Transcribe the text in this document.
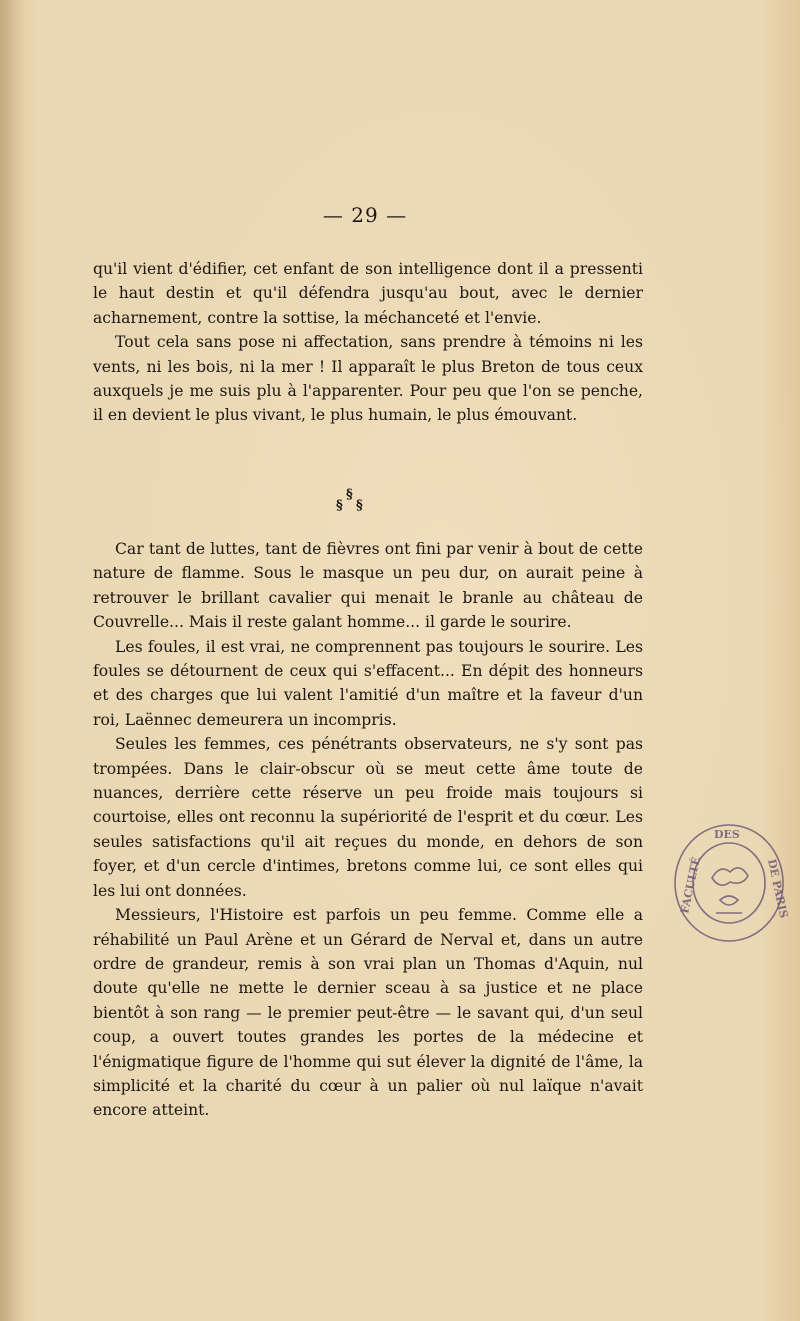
— 29 —

qu'il vient d'édifier, cet enfant de son intelligence dont il a pressenti le haut destin et qu'il défendra jusqu'au bout, avec le dernier acharnement, contre la sottise, la méchanceté et l'envie.

Tout cela sans pose ni affectation, sans prendre à témoins ni les vents, ni les bois, ni la mer ! Il apparaît le plus Breton de tous ceux auxquels je me suis plu à l'apparenter. Pour peu que l'on se penche, il en devient le plus vivant, le plus humain, le plus émouvant.

§
§ §

Car tant de luttes, tant de fièvres ont fini par venir à bout de cette nature de flamme. Sous le masque un peu dur, on aurait peine à retrouver le brillant cavalier qui menait le branle au château de Couvrelle... Mais il reste galant homme... il garde le sourire.

Les foules, il est vrai, ne comprennent pas toujours le sourire. Les foules se détournent de ceux qui s'effacent... En dépit des honneurs et des charges que lui valent l'amitié d'un maître et la faveur d'un roi, Laënnec demeurera un incompris.

Seules les femmes, ces pénétrants observateurs, ne s'y sont pas trompées. Dans le clair-obscur où se meut cette âme toute de nuances, derrière cette réserve un peu froide mais toujours si courtoise, elles ont reconnu la supériorité de l'esprit et du cœur. Les seules satisfactions qu'il ait reçues du monde, en dehors de son foyer, et d'un cercle d'intimes, bretons comme lui, ce sont elles qui les lui ont données.

Messieurs, l'Histoire est parfois un peu femme. Comme elle a réhabilité un Paul Arène et un Gérard de Nerval et, dans un autre ordre de grandeur, remis à son vrai plan un Thomas d'Aquin, nul doute qu'elle ne mette le dernier sceau à sa justice et ne place bientôt à son rang — le premier peut-être — le savant qui, d'un seul coup, a ouvert toutes grandes les portes de la médecine et l'énigmatique figure de l'homme qui sut élever la dignité de l'âme, la simplicité et la charité du cœur à un palier où nul laïque n'avait encore atteint.

DES
FACULTÉ	DE PARIS
